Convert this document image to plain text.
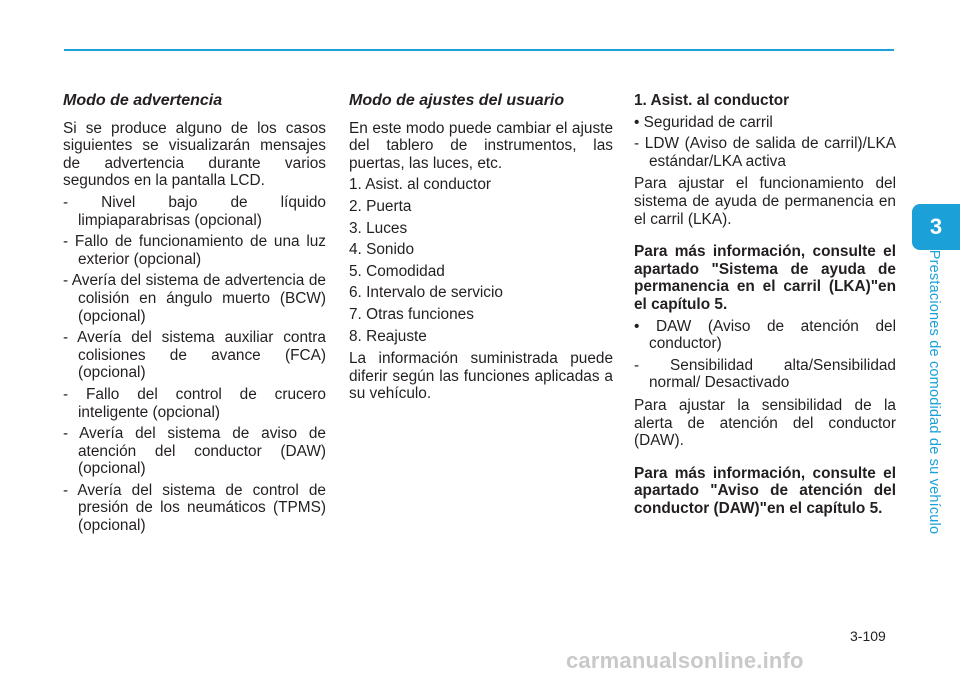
Modo de advertencia

Si se produce alguno de los casos siguientes se visualizarán mensajes de advertencia durante varios segundos en la pantalla LCD.

- Nivel bajo de líquido limpiaparabrisas (opcional)

- Fallo de funcionamiento de una luz exterior (opcional)

- Avería del sistema de advertencia de colisión en ángulo muerto (BCW) (opcional)

- Avería del sistema auxiliar contra colisiones de avance (FCA) (opcional)

- Fallo del control de crucero inteligente (opcional)

- Avería del sistema de aviso de atención del conductor (DAW) (opcional)

- Avería del sistema de control de presión de los neumáticos (TPMS) (opcional)

Modo de ajustes del usuario

En este modo puede cambiar el ajuste del tablero de instrumentos, las puertas, las luces, etc.

1. Asist. al conductor

2. Puerta

3. Luces

4. Sonido

5. Comodidad

6. Intervalo de servicio

7. Otras funciones

8. Reajuste

La información suministrada puede diferir según las funciones aplicadas a su vehículo.

1. Asist. al conductor

• Seguridad de carril

- LDW (Aviso de salida de carril)/LKA estándar/LKA activa

Para ajustar el funcionamiento del sistema de ayuda de permanencia en el carril (LKA).

Para más información, consulte el apartado "Sistema de ayuda de permanencia en el carril (LKA)"en el capítulo 5.

• DAW (Aviso de atención del conductor)

- Sensibilidad alta/Sensibilidad normal/ Desactivado

Para ajustar la sensibilidad de la alerta de atención del conductor (DAW).

Para más información, consulte el apartado "Aviso de atención del conductor (DAW)"en el capítulo 5.

3
Prestaciones de comodidad de su vehículo
3-109
carmanualsonline.info
